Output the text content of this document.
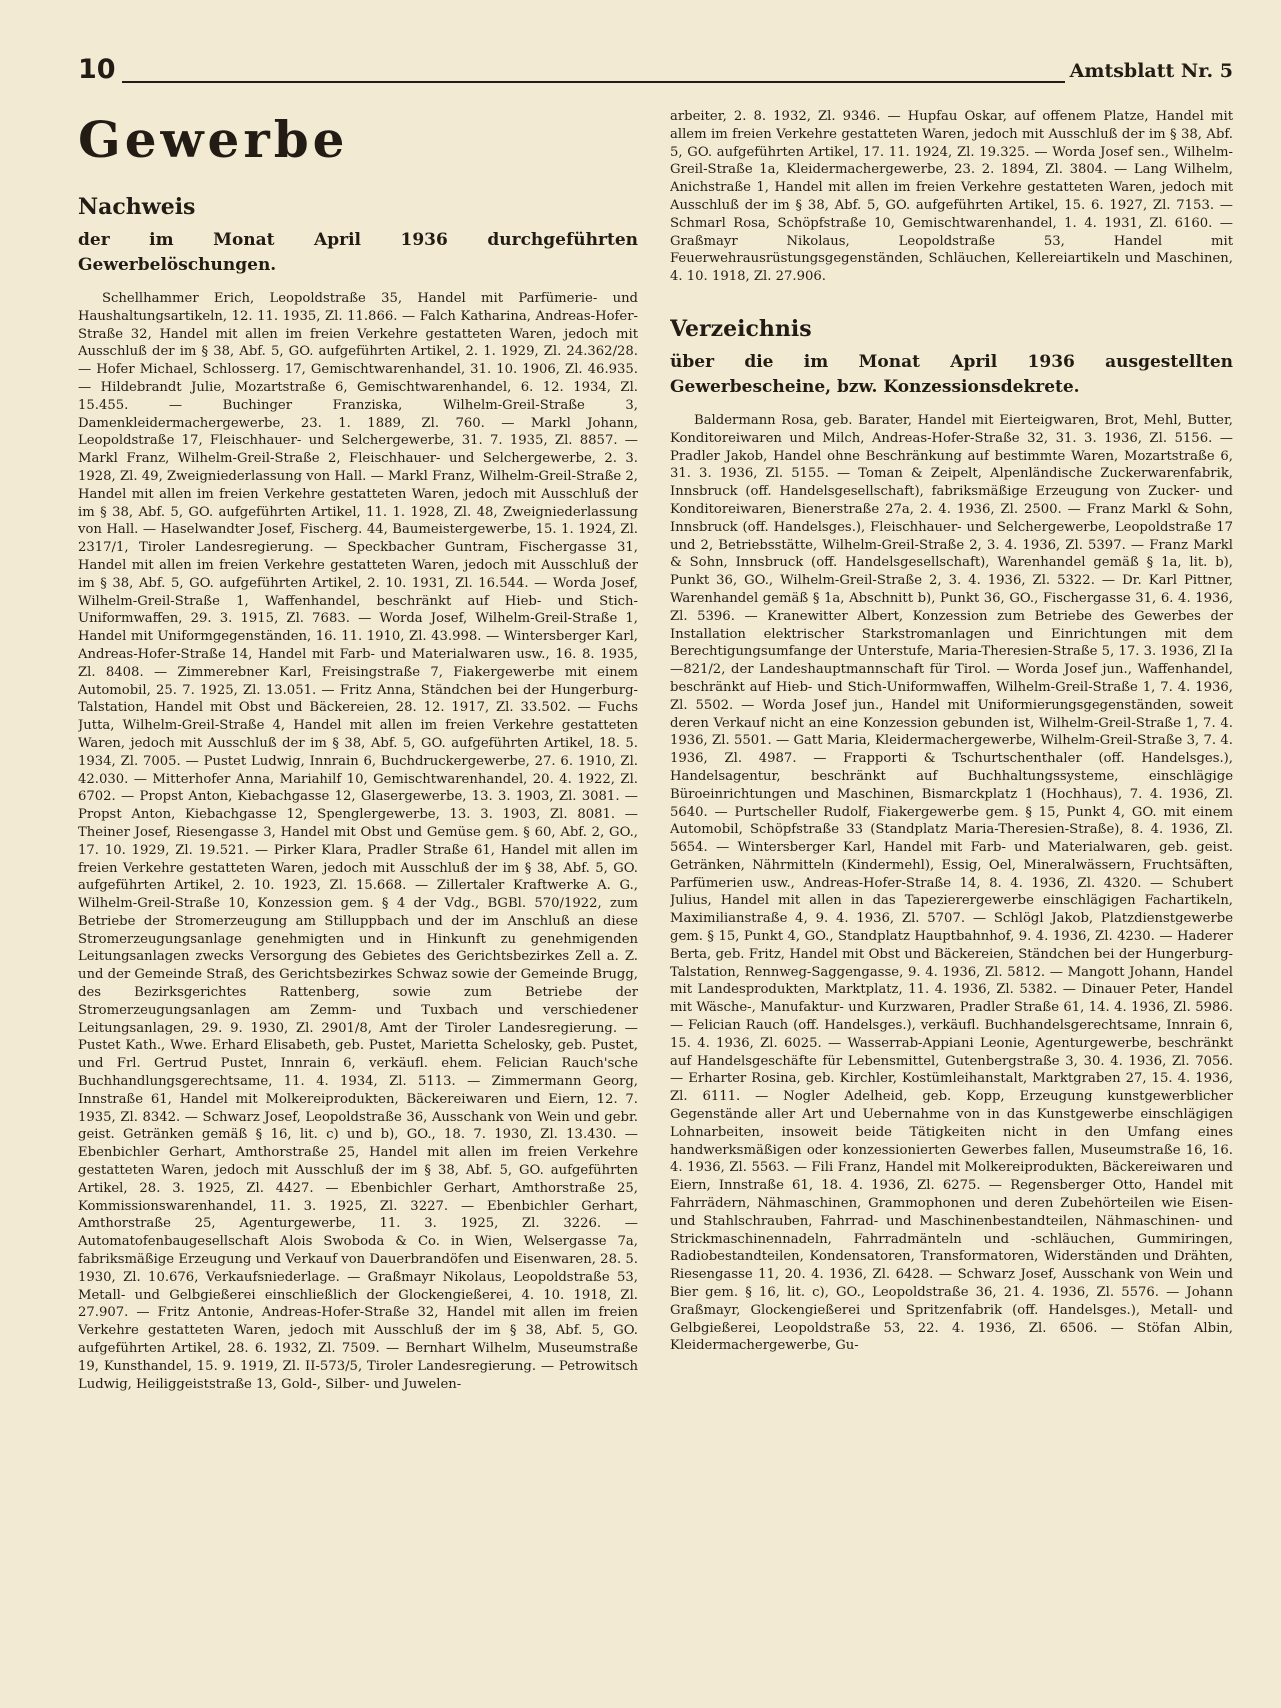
10	Amtsblatt Nr. 5
Gewerbe
Nachweis
der im Monat April 1936 durchgeführten Gewerbelöschungen.

Schellhammer Erich, Leopoldstraße 35, Handel mit Parfümerie- und Haushaltungsartikeln, 12. 11. 1935, Zl. 11.866. — Falch Katharina, Andreas-Hofer-Straße 32, Handel mit allen im freien Verkehre gestatteten Waren, jedoch mit Ausschluß der im § 38, Abf. 5, GO. aufgeführten Artikel, 2. 1. 1929, Zl. 24.362/28. — Hofer Michael, Schlosserg. 17, Gemischtwarenhandel, 31. 10. 1906, Zl. 46.935. — Hildebrandt Julie, Mozartstraße 6, Gemischtwarenhandel, 6. 12. 1934, Zl. 15.455. — Buchinger Franziska, Wilhelm-Greil-Straße 3, Damenkleidermachergewerbe, 23. 1. 1889, Zl. 760. — Markl Johann, Leopoldstraße 17, Fleischhauer- und Selchergewerbe, 31. 7. 1935, Zl. 8857. — Markl Franz, Wilhelm-Greil-Straße 2, Fleischhauer- und Selchergewerbe, 2. 3. 1928, Zl. 49, Zweigniederlassung von Hall. — Markl Franz, Wilhelm-Greil-Straße 2, Handel mit allen im freien Verkehre gestatteten Waren, jedoch mit Ausschluß der im § 38, Abf. 5, GO. aufgeführten Artikel, 11. 1. 1928, Zl. 48, Zweigniederlassung von Hall. — Haselwandter Josef, Fischerg. 44, Baumeistergewerbe, 15. 1. 1924, Zl. 2317/1, Tiroler Landesregierung. — Speckbacher Guntram, Fischergasse 31, Handel mit allen im freien Verkehre gestatteten Waren, jedoch mit Ausschluß der im § 38, Abf. 5, GO. aufgeführten Artikel, 2. 10. 1931, Zl. 16.544. — Worda Josef, Wilhelm-Greil-Straße 1, Waffenhandel, beschränkt auf Hieb- und Stich-Uniformwaffen, 29. 3. 1915, Zl. 7683. — Worda Josef, Wilhelm-Greil-Straße 1, Handel mit Uniformgegenständen, 16. 11. 1910, Zl. 43.998. — Wintersberger Karl, Andreas-Hofer-Straße 14, Handel mit Farb- und Materialwaren usw., 16. 8. 1935, Zl. 8408. — Zimmerebner Karl, Freisingstraße 7, Fiakergewerbe mit einem Automobil, 25. 7. 1925, Zl. 13.051. — Fritz Anna, Ständchen bei der Hungerburg-Talstation, Handel mit Obst und Bäckereien, 28. 12. 1917, Zl. 33.502. — Fuchs Jutta, Wilhelm-Greil-Straße 4, Handel mit allen im freien Verkehre gestatteten Waren, jedoch mit Ausschluß der im § 38, Abf. 5, GO. aufgeführten Artikel, 18. 5. 1934, Zl. 7005. — Pustet Ludwig, Innrain 6, Buchdruckergewerbe, 27. 6. 1910, Zl. 42.030. — Mitterhofer Anna, Mariahilf 10, Gemischtwarenhandel, 20. 4. 1922, Zl. 6702. — Propst Anton, Kiebachgasse 12, Glasergewerbe, 13. 3. 1903, Zl. 3081. — Propst Anton, Kiebachgasse 12, Spenglergewerbe, 13. 3. 1903, Zl. 8081. — Theiner Josef, Riesengasse 3, Handel mit Obst und Gemüse gem. § 60, Abf. 2, GO., 17. 10. 1929, Zl. 19.521. — Pirker Klara, Pradler Straße 61, Handel mit allen im freien Verkehre gestatteten Waren, jedoch mit Ausschluß der im § 38, Abf. 5, GO. aufgeführten Artikel, 2. 10. 1923, Zl. 15.668. — Zillertaler Kraftwerke A. G., Wilhelm-Greil-Straße 10, Konzession gem. § 4 der Vdg., BGBl. 570/1922, zum Betriebe der Stromerzeugung am Stilluppbach und der im Anschluß an diese Stromerzeugungsanlage genehmigten und in Hinkunft zu genehmigenden Leitungsanlagen zwecks Versorgung des Gebietes des Gerichtsbezirkes Zell a. Z. und der Gemeinde Straß, des Gerichtsbezirkes Schwaz sowie der Gemeinde Brugg, des Bezirksgerichtes Rattenberg, sowie zum Betriebe der Stromerzeugungsanlagen am Zemm- und Tuxbach und verschiedener Leitungsanlagen, 29. 9. 1930, Zl. 2901/8, Amt der Tiroler Landesregierung. — Pustet Kath., Wwe. Erhard Elisabeth, geb. Pustet, Marietta Schelosky, geb. Pustet, und Frl. Gertrud Pustet, Innrain 6, verkäufl. ehem. Felician Rauch'sche Buchhandlungsgerechtsame, 11. 4. 1934, Zl. 5113. — Zimmermann Georg, Innstraße 61, Handel mit Molkereiprodukten, Bäckereiwaren und Eiern, 12. 7. 1935, Zl. 8342. — Schwarz Josef, Leopoldstraße 36, Ausschank von Wein und gebr. geist. Getränken gemäß § 16, lit. c) und b), GO., 18. 7. 1930, Zl. 13.430. — Ebenbichler Gerhart, Amthorstraße 25, Handel mit allen im freien Verkehre gestatteten Waren, jedoch mit Ausschluß der im § 38, Abf. 5, GO. aufgeführten Artikel, 28. 3. 1925, Zl. 4427. — Ebenbichler Gerhart, Amthorstraße 25, Kommissionswarenhandel, 11. 3. 1925, Zl. 3227. — Ebenbichler Gerhart, Amthorstraße 25, Agenturgewerbe, 11. 3. 1925, Zl. 3226. — Automatofenbaugesellschaft Alois Swoboda & Co. in Wien, Welsergasse 7a, fabriksmäßige Erzeugung und Verkauf von Dauerbrandöfen und Eisenwaren, 28. 5. 1930, Zl. 10.676, Verkaufsniederlage. — Graßmayr Nikolaus, Leopoldstraße 53, Metall- und Gelbgießerei einschließlich der Glockengießerei, 4. 10. 1918, Zl. 27.907. — Fritz Antonie, Andreas-Hofer-Straße 32, Handel mit allen im freien Verkehre gestatteten Waren, jedoch mit Ausschluß der im § 38, Abf. 5, GO. aufgeführten Artikel, 28. 6. 1932, Zl. 7509. — Bernhart Wilhelm, Museumstraße 19, Kunsthandel, 15. 9. 1919, Zl. II-573/5, Tiroler Landesregierung. — Petrowitsch Ludwig, Heiliggeiststraße 13, Gold-, Silber- und Juwelen-

arbeiter, 2. 8. 1932, Zl. 9346. — Hupfau Oskar, auf offenem Platze, Handel mit allem im freien Verkehre gestatteten Waren, jedoch mit Ausschluß der im § 38, Abf. 5, GO. aufgeführten Artikel, 17. 11. 1924, Zl. 19.325. — Worda Josef sen., Wilhelm-Greil-Straße 1a, Kleidermachergewerbe, 23. 2. 1894, Zl. 3804. — Lang Wilhelm, Anichstraße 1, Handel mit allen im freien Verkehre gestatteten Waren, jedoch mit Ausschluß der im § 38, Abf. 5, GO. aufgeführten Artikel, 15. 6. 1927, Zl. 7153. — Schmarl Rosa, Schöpfstraße 10, Gemischtwarenhandel, 1. 4. 1931, Zl. 6160. — Graßmayr Nikolaus, Leopoldstraße 53, Handel mit Feuerwehrausrüstungsgegenständen, Schläuchen, Kellereiartikeln und Maschinen, 4. 10. 1918, Zl. 27.906.

Verzeichnis
über die im Monat April 1936 ausgestellten Gewerbescheine, bzw. Konzessionsdekrete.

Baldermann Rosa, geb. Barater, Handel mit Eierteigwaren, Brot, Mehl, Butter, Konditoreiwaren und Milch, Andreas-Hofer-Straße 32, 31. 3. 1936, Zl. 5156. — Pradler Jakob, Handel ohne Beschränkung auf bestimmte Waren, Mozartstraße 6, 31. 3. 1936, Zl. 5155. — Toman & Zeipelt, Alpenländische Zuckerwarenfabrik, Innsbruck (off. Handelsgesellschaft), fabriksmäßige Erzeugung von Zucker- und Konditoreiwaren, Bienerstraße 27a, 2. 4. 1936, Zl. 2500. — Franz Markl & Sohn, Innsbruck (off. Handelsges.), Fleischhauer- und Selchergewerbe, Leopoldstraße 17 und 2, Betriebsstätte, Wilhelm-Greil-Straße 2, 3. 4. 1936, Zl. 5397. — Franz Markl & Sohn, Innsbruck (off. Handelsgesellschaft), Warenhandel gemäß § 1a, lit. b), Punkt 36, GO., Wilhelm-Greil-Straße 2, 3. 4. 1936, Zl. 5322. — Dr. Karl Pittner, Warenhandel gemäß § 1a, Abschnitt b), Punkt 36, GO., Fischergasse 31, 6. 4. 1936, Zl. 5396. — Kranewitter Albert, Konzession zum Betriebe des Gewerbes der Installation elektrischer Starkstromanlagen und Einrichtungen mit dem Berechtigungsumfange der Unterstufe, Maria-Theresien-Straße 5, 17. 3. 1936, Zl Ia—821/2, der Landeshauptmannschaft für Tirol. — Worda Josef jun., Waffenhandel, beschränkt auf Hieb- und Stich-Uniformwaffen, Wilhelm-Greil-Straße 1, 7. 4. 1936, Zl. 5502. — Worda Josef jun., Handel mit Uniformierungsgegenständen, soweit deren Verkauf nicht an eine Konzession gebunden ist, Wilhelm-Greil-Straße 1, 7. 4. 1936, Zl. 5501. — Gatt Maria, Kleidermachergewerbe, Wilhelm-Greil-Straße 3, 7. 4. 1936, Zl. 4987. — Frapporti & Tschurtschenthaler (off. Handelsges.), Handelsagentur, beschränkt auf Buchhaltungssysteme, einschlägige Büroeinrichtungen und Maschinen, Bismarckplatz 1 (Hochhaus), 7. 4. 1936, Zl. 5640. — Purtscheller Rudolf, Fiakergewerbe gem. § 15, Punkt 4, GO. mit einem Automobil, Schöpfstraße 33 (Standplatz Maria-Theresien-Straße), 8. 4. 1936, Zl. 5654. — Wintersberger Karl, Handel mit Farb- und Materialwaren, geb. geist. Getränken, Nährmitteln (Kindermehl), Essig, Oel, Mineralwässern, Fruchtsäften, Parfümerien usw., Andreas-Hofer-Straße 14, 8. 4. 1936, Zl. 4320. — Schubert Julius, Handel mit allen in das Tapezierergewerbe einschlägigen Fachartikeln, Maximilianstraße 4, 9. 4. 1936, Zl. 5707. — Schlögl Jakob, Platzdienstgewerbe gem. § 15, Punkt 4, GO., Standplatz Hauptbahnhof, 9. 4. 1936, Zl. 4230. — Haderer Berta, geb. Fritz, Handel mit Obst und Bäckereien, Ständchen bei der Hungerburg-Talstation, Rennweg-Saggengasse, 9. 4. 1936, Zl. 5812. — Mangott Johann, Handel mit Landesprodukten, Marktplatz, 11. 4. 1936, Zl. 5382. — Dinauer Peter, Handel mit Wäsche-, Manufaktur- und Kurzwaren, Pradler Straße 61, 14. 4. 1936, Zl. 5986. — Felician Rauch (off. Handelsges.), verkäufl. Buchhandelsgerechtsame, Innrain 6, 15. 4. 1936, Zl. 6025. — Wasserrab-Appiani Leonie, Agenturgewerbe, beschränkt auf Handelsgeschäfte für Lebensmittel, Gutenbergstraße 3, 30. 4. 1936, Zl. 7056. — Erharter Rosina, geb. Kirchler, Kostümleihanstalt, Marktgraben 27, 15. 4. 1936, Zl. 6111. — Nogler Adelheid, geb. Kopp, Erzeugung kunstgewerblicher Gegenstände aller Art und Uebernahme von in das Kunstgewerbe einschlägigen Lohnarbeiten, insoweit beide Tätigkeiten nicht in den Umfang eines handwerksmäßigen oder konzessionierten Gewerbes fallen, Museumstraße 16, 16. 4. 1936, Zl. 5563. — Fili Franz, Handel mit Molkereiprodukten, Bäckereiwaren und Eiern, Innstraße 61, 18. 4. 1936, Zl. 6275. — Regensberger Otto, Handel mit Fahrrädern, Nähmaschinen, Grammophonen und deren Zubehörteilen wie Eisen- und Stahlschrauben, Fahrrad- und Maschinenbestandteilen, Nähmaschinen- und Strickmaschinennadeln, Fahrradmänteln und -schläuchen, Gummiringen, Radiobestandteilen, Kondensatoren, Transformatoren, Widerständen und Drähten, Riesengasse 11, 20. 4. 1936, Zl. 6428. — Schwarz Josef, Ausschank von Wein und Bier gem. § 16, lit. c), GO., Leopoldstraße 36, 21. 4. 1936, Zl. 5576. — Johann Graßmayr, Glockengießerei und Spritzenfabrik (off. Handelsges.), Metall- und Gelbgießerei, Leopoldstraße 53, 22. 4. 1936, Zl. 6506. — Stöfan Albin, Kleidermachergewerbe, Gu-
